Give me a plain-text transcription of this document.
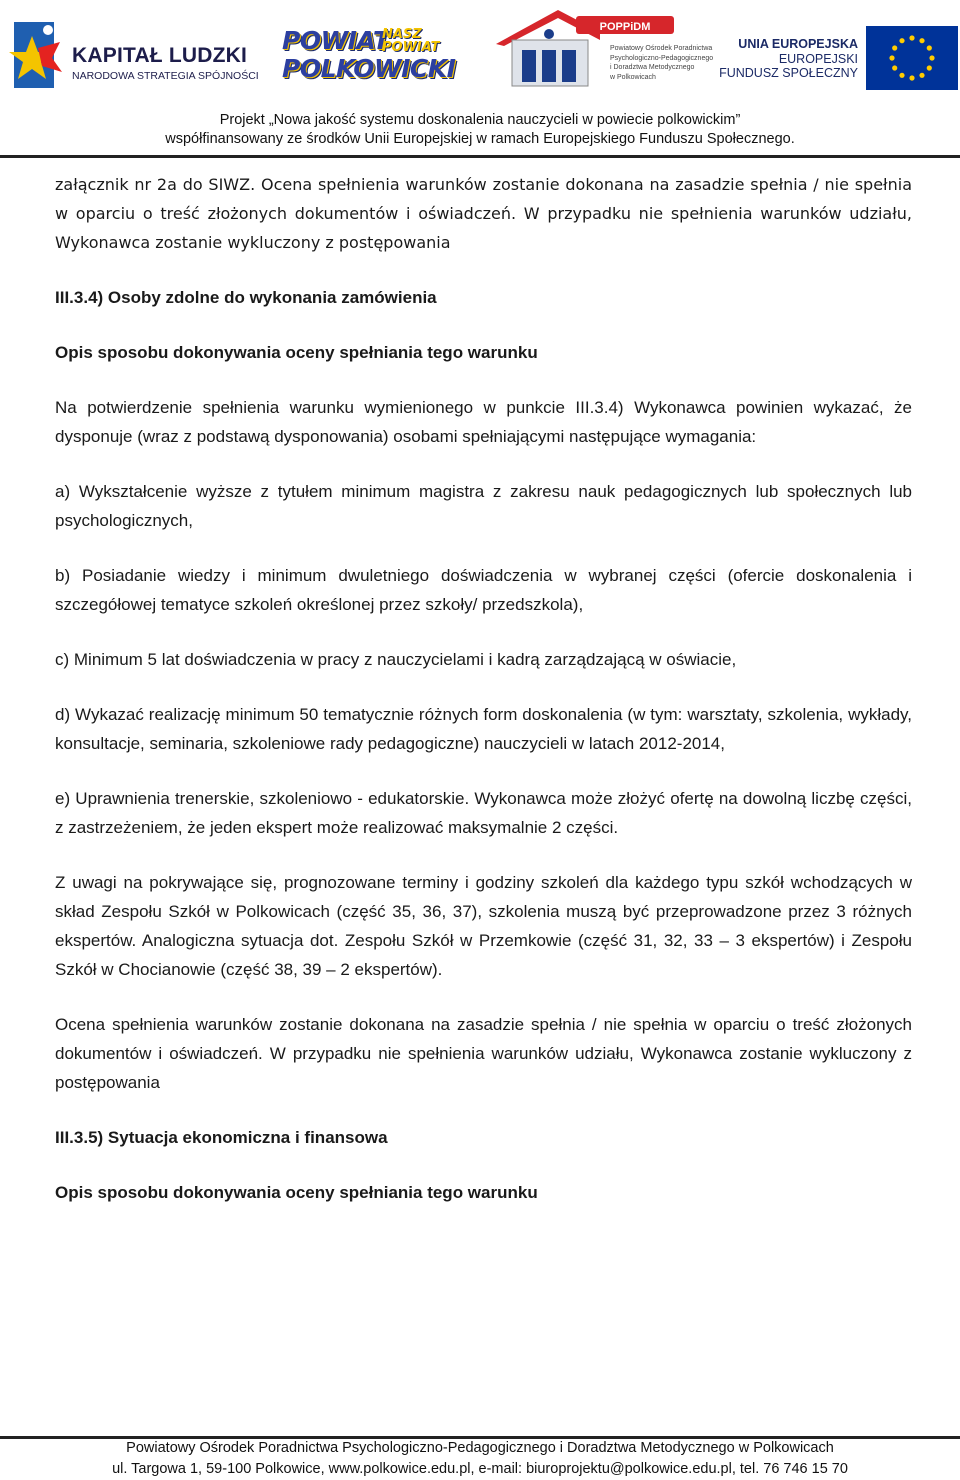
KAPITAŁ LUDZKI
NARODOWA STRATEGIA SPÓJNOŚCI
POWIAT
NASZ
POWIAT
POLKOWICKI
POPPiDM
Powiatowy Ośrodek Poradnictwa
Psychologiczno-Pedagogicznego
i Doradztwa Metodycznego
w Polkowicach
UNIA EUROPEJSKA
EUROPEJSKI
FUNDUSZ SPOŁECZNY
Projekt „Nowa jakość systemu doskonalenia nauczycieli w powiecie polkowickim”
współfinansowany ze środków Unii Europejskiej w ramach Europejskiego Funduszu Społecznego.

załącznik nr 2a do SIWZ. Ocena spełnienia warunków zostanie dokonana na zasadzie spełnia / nie spełnia w oparciu o treść złożonych dokumentów i oświadczeń. W przypadku nie spełnienia warunków udziału, Wykonawca zostanie wykluczony z postępowania

III.3.4) Osoby zdolne do wykonania zamówienia

Opis sposobu dokonywania oceny spełniania tego warunku

Na potwierdzenie spełnienia warunku wymienionego w punkcie III.3.4) Wykonawca powinien wykazać, że dysponuje (wraz z podstawą dysponowania) osobami spełniającymi następujące wymagania:

a) Wykształcenie wyższe z tytułem minimum magistra z zakresu nauk pedagogicznych lub społecznych lub psychologicznych,

b) Posiadanie wiedzy i minimum dwuletniego doświadczenia w wybranej części (ofercie doskonalenia i szczegółowej tematyce szkoleń określonej przez szkoły/ przedszkola),

c) Minimum 5 lat doświadczenia w pracy z nauczycielami i kadrą zarządzającą w oświacie,

d) Wykazać realizację minimum 50 tematycznie różnych form doskonalenia (w tym: warsztaty, szkolenia, wykłady, konsultacje, seminaria, szkoleniowe rady pedagogiczne) nauczycieli w latach 2012-2014,

e) Uprawnienia trenerskie, szkoleniowo - edukatorskie. Wykonawca może złożyć ofertę na dowolną liczbę części, z zastrzeżeniem, że jeden ekspert może realizować maksymalnie 2 części.

Z uwagi na pokrywające się, prognozowane terminy i godziny szkoleń dla każdego typu szkół wchodzących w skład Zespołu Szkół w Polkowicach (część 35, 36, 37), szkolenia muszą być przeprowadzone przez 3 różnych ekspertów. Analogiczna sytuacja dot. Zespołu Szkół w Przemkowie (część 31, 32, 33 – 3 ekspertów) i Zespołu Szkół w Chocianowie (część 38, 39 – 2 ekspertów).

Ocena spełnienia warunków zostanie dokonana na zasadzie spełnia / nie spełnia w oparciu o treść złożonych dokumentów i oświadczeń. W przypadku nie spełnienia warunków udziału, Wykonawca zostanie wykluczony z postępowania

III.3.5) Sytuacja ekonomiczna i finansowa

Opis sposobu dokonywania oceny spełniania tego warunku

Powiatowy Ośrodek Poradnictwa Psychologiczno-Pedagogicznego i Doradztwa Metodycznego w Polkowicach
ul. Targowa 1, 59-100 Polkowice, www.polkowice.edu.pl, e-mail: biuroprojektu@polkowice.edu.pl, tel. 76 746 15 70
